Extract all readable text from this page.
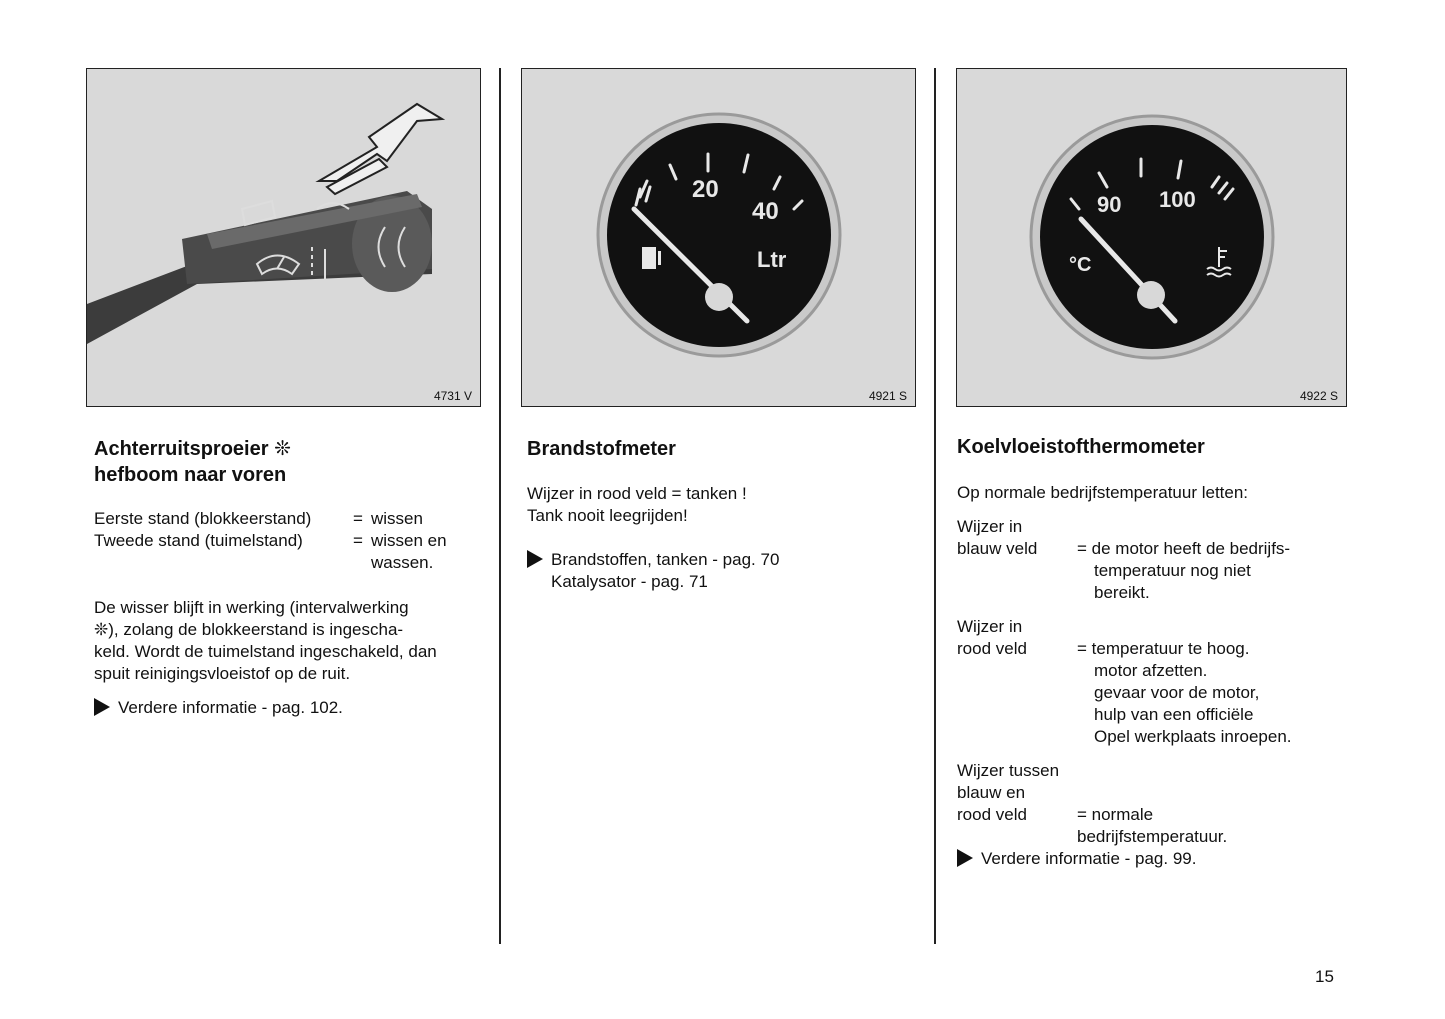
4731 V
Achterruitsproeier ❊
hefboom naar voren
Eerste stand (blokkeerstand) = wissen
Tweede stand (tuimelstand)	= wissen en
wassen.
De wisser blijft in werking (intervalwerking
❊), zolang de blokkeerstand is ingescha-
keld. Wordt de tuimelstand ingeschakeld, dan
spuit reinigingsvloeistof op de ruit.
Verdere informatie - pag. 102.
20
40
Ltr
4921 S
Brandstofmeter
Wijzer in rood veld = tanken !
Tank nooit leegrijden!
Brandstoffen, tanken - pag. 70
Katalysator - pag. 71
90 100
°C
4922 S
Koelvloeistofthermometer
Op normale bedrijfstemperatuur letten:
Wijzer in
blauw veld = de motor heeft de bedrijfs-
temperatuur nog niet
bereikt.
Wijzer in
rood veld	= temperatuur te hoog.
motor afzetten.
gevaar voor de motor,
hulp van een officiële
Opel werkplaats inroepen.
Wijzer tussen
blauw en
rood veld	= normale
bedrijfstemperatuur.
Verdere informatie - pag. 99.
15
